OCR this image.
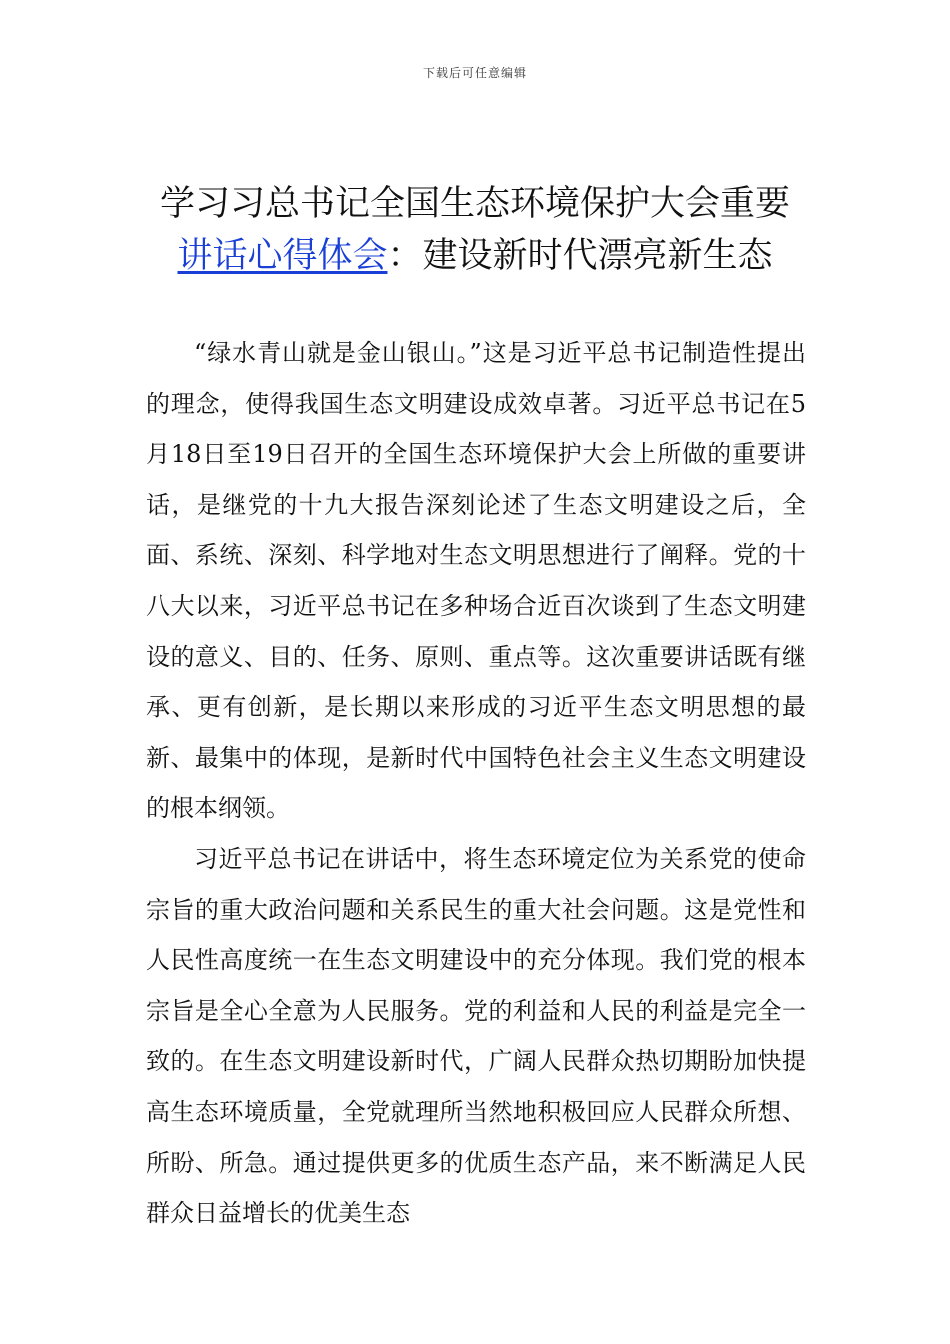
下载后可任意编辑
学习习总书记全国生态环境保护大会重要
讲话心得体会：建设新时代漂亮新生态

“绿水青山就是金山银山。”这是习近平总书记制造性提出的理念，使得我国生态文明建设成效卓著。习近平总书记在5月18日至19日召开的全国生态环境保护大会上所做的重要讲话，是继党的十九大报告深刻论述了生态文明建设之后，全面、系统、深刻、科学地对生态文明思想进行了阐释。党的十八大以来，习近平总书记在多种场合近百次谈到了生态文明建设的意义、目的、任务、原则、重点等。这次重要讲话既有继承、更有创新，是长期以来形成的习近平生态文明思想的最新、最集中的体现，是新时代中国特色社会主义生态文明建设的根本纲领。

习近平总书记在讲话中，将生态环境定位为关系党的使命宗旨的重大政治问题和关系民生的重大社会问题。这是党性和人民性高度统一在生态文明建设中的充分体现。我们党的根本宗旨是全心全意为人民服务。党的利益和人民的利益是完全一致的。在生态文明建设新时代，广阔人民群众热切期盼加快提高生态环境质量，全党就理所当然地积极回应人民群众所想、所盼、所急。通过提供更多的优质生态产品，来不断满足人民群众日益增长的优美生态
